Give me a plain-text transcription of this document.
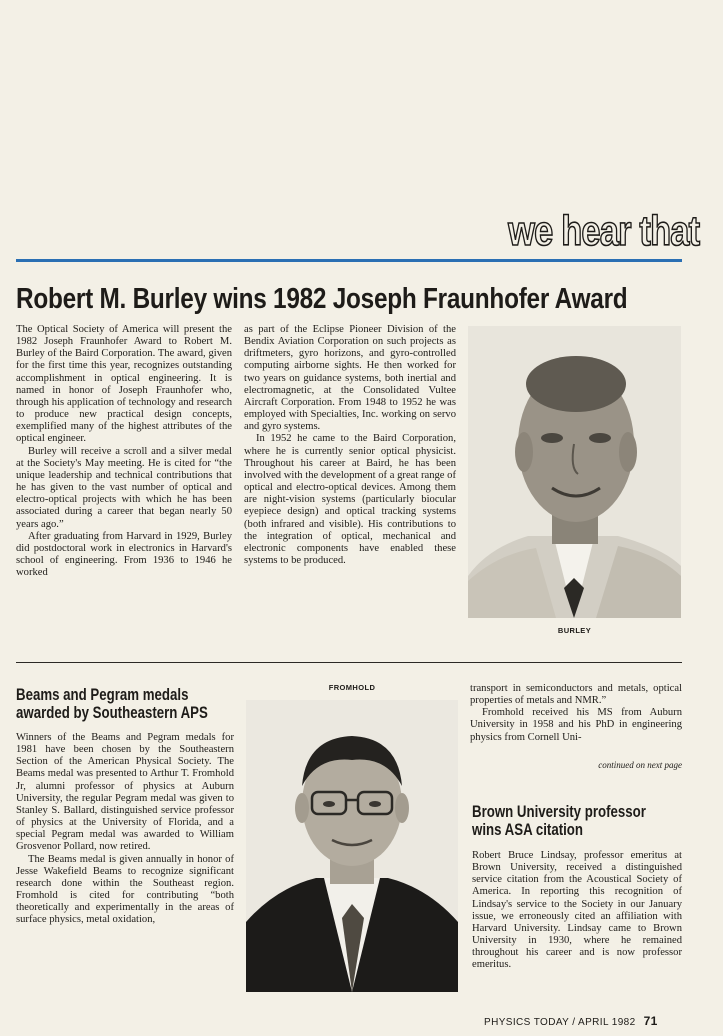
we hear that
Robert M. Burley wins 1982 Joseph Fraunhofer Award

The Optical Society of America will present the 1982 Joseph Fraunhofer Award to Robert M. Burley of the Baird Corporation. The award, given for the first time this year, recognizes outstanding accomplishment in optical engineering. It is named in honor of Joseph Fraunhofer who, through his application of technology and research to produce new practical design concepts, exemplified many of the highest attributes of the optical engineer.

Burley will receive a scroll and a silver medal at the Society's May meeting. He is cited for “the unique leadership and technical contributions that he has given to the vast number of optical and electro-optical projects with which he has been associated during a career that began nearly 50 years ago.”

After graduating from Harvard in 1929, Burley did postdoctoral work in electronics in Harvard's school of engineering. From 1936 to 1946 he worked

as part of the Eclipse Pioneer Division of the Bendix Aviation Corporation on such projects as driftmeters, gyro horizons, and gyro-controlled computing airborne sights. He then worked for two years on guidance systems, both inertial and electromagnetic, at the Consolidated Vultee Aircraft Corporation. From 1948 to 1952 he was employed with Specialties, Inc. working on servo and gyro systems.

In 1952 he came to the Baird Corporation, where he is currently senior optical physicist. Throughout his career at Baird, he has been involved with the development of a great range of optical and electro-optical devices. Among them are night-vision systems (particularly biocular eyepiece design) and optical tracking systems (both infrared and visible). His contributions to the integration of optical, mechanical and electronic components have enabled these systems to be produced.

BURLEY
Beams and Pegram medals
awarded by Southeastern APS

Winners of the Beams and Pegram medals for 1981 have been chosen by the Southeastern Section of the American Physical Society. The Beams medal was presented to Arthur T. Fromhold Jr, alumni professor of physics at Auburn University, the regular Pegram medal was given to Stanley S. Ballard, distinguished service professor of physics at the University of Florida, and a special Pegram medal was awarded to William Grosvenor Pollard, now retired.

The Beams medal is given annually in honor of Jesse Wakefield Beams to recognize significant research done within the Southeast region. Fromhold is cited for contributing “both theoretically and experimentally in the areas of surface physics, metal oxidation,

FROMHOLD	transport in semiconductors and metals, optical properties of metals and NMR.”

Fromhold received his MS from Auburn University in 1958 and his PhD in engineering physics from Cornell Uni-

continued on next page
Brown University professor
wins ASA citation

Robert Bruce Lindsay, professor emeritus at Brown University, received a distinguished service citation from the Acoustical Society of America. In reporting this recognition of Lindsay's service to the Society in our January issue, we erroneously cited an affiliation with Harvard University. Lindsay came to Brown University in 1930, where he remained throughout his career and is now professor emeritus.

PHYSICS TODAY / APRIL 1982 71
